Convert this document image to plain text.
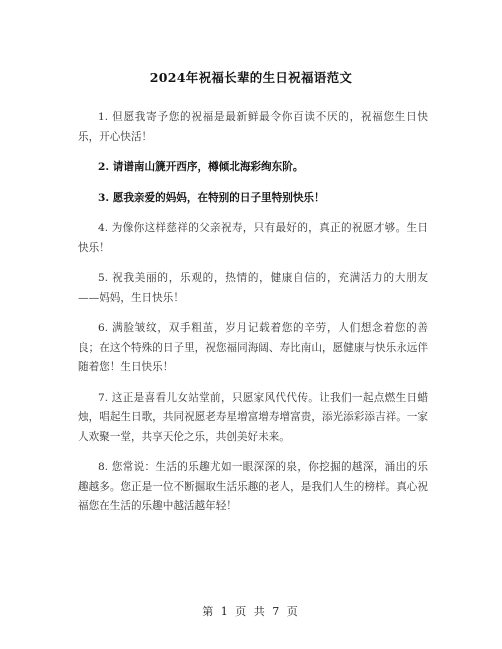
2024年祝福长辈的生日祝福语范文

1. 但愿我寄予您的祝福是最新鲜最令你百读不厌的，祝福您生日快乐，开心快活！

2. 请谱南山篪开西序，樽倾北海彩绚东阶。

3. 愿我亲爱的妈妈，在特别的日子里特别快乐！

4. 为像你这样慈祥的父亲祝寿，只有最好的，真正的祝愿才够。生日快乐！

5. 祝我美丽的，乐观的，热情的，健康自信的，充满活力的大朋友——妈妈，生日快乐！

6. 满脸皱纹，双手粗茧，岁月记载着您的辛劳，人们想念着您的善良；在这个特殊的日子里，祝您福同海阔、寿比南山，愿健康与快乐永远伴随着您！生日快乐！

7. 这正是喜看儿女站堂前，只愿家风代代传。让我们一起点燃生日蜡烛，唱起生日歌，共同祝愿老寿星增富增寿增富贵，添光添彩添吉祥。一家人欢聚一堂，共享天伦之乐，共创美好未来。

8. 您常说：生活的乐趣尤如一眼深深的泉，你挖掘的越深，涌出的乐趣越多。您正是一位不断掘取生活乐趣的老人，是我们人生的榜样。真心祝福您在生活的乐趣中越活越年轻！

第 1 页 共 7 页
